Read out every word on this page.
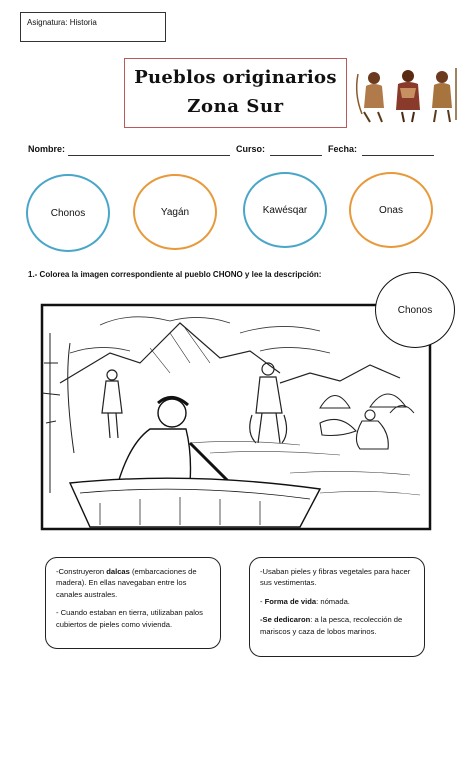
Asignatura: Historia
Pueblos originarios
Zona Sur
Nombre:	Curso:	Fecha:
Chonos	Yagán	Kawésqar	Onas
1.- Colorea la imagen correspondiente al pueblo CHONO y lee la descripción:
Chonos

-Construyeron dalcas (embarcaciones de madera). En ellas navegaban entre los canales australes.

- Cuando estaban en tierra, utilizaban palos cubiertos de pieles como vivienda.

-Usaban pieles y fibras vegetales para hacer sus vestimentas.

- Forma de vida: nómada.

-Se dedicaron: a la pesca, recolección de mariscos y caza de lobos marinos.
